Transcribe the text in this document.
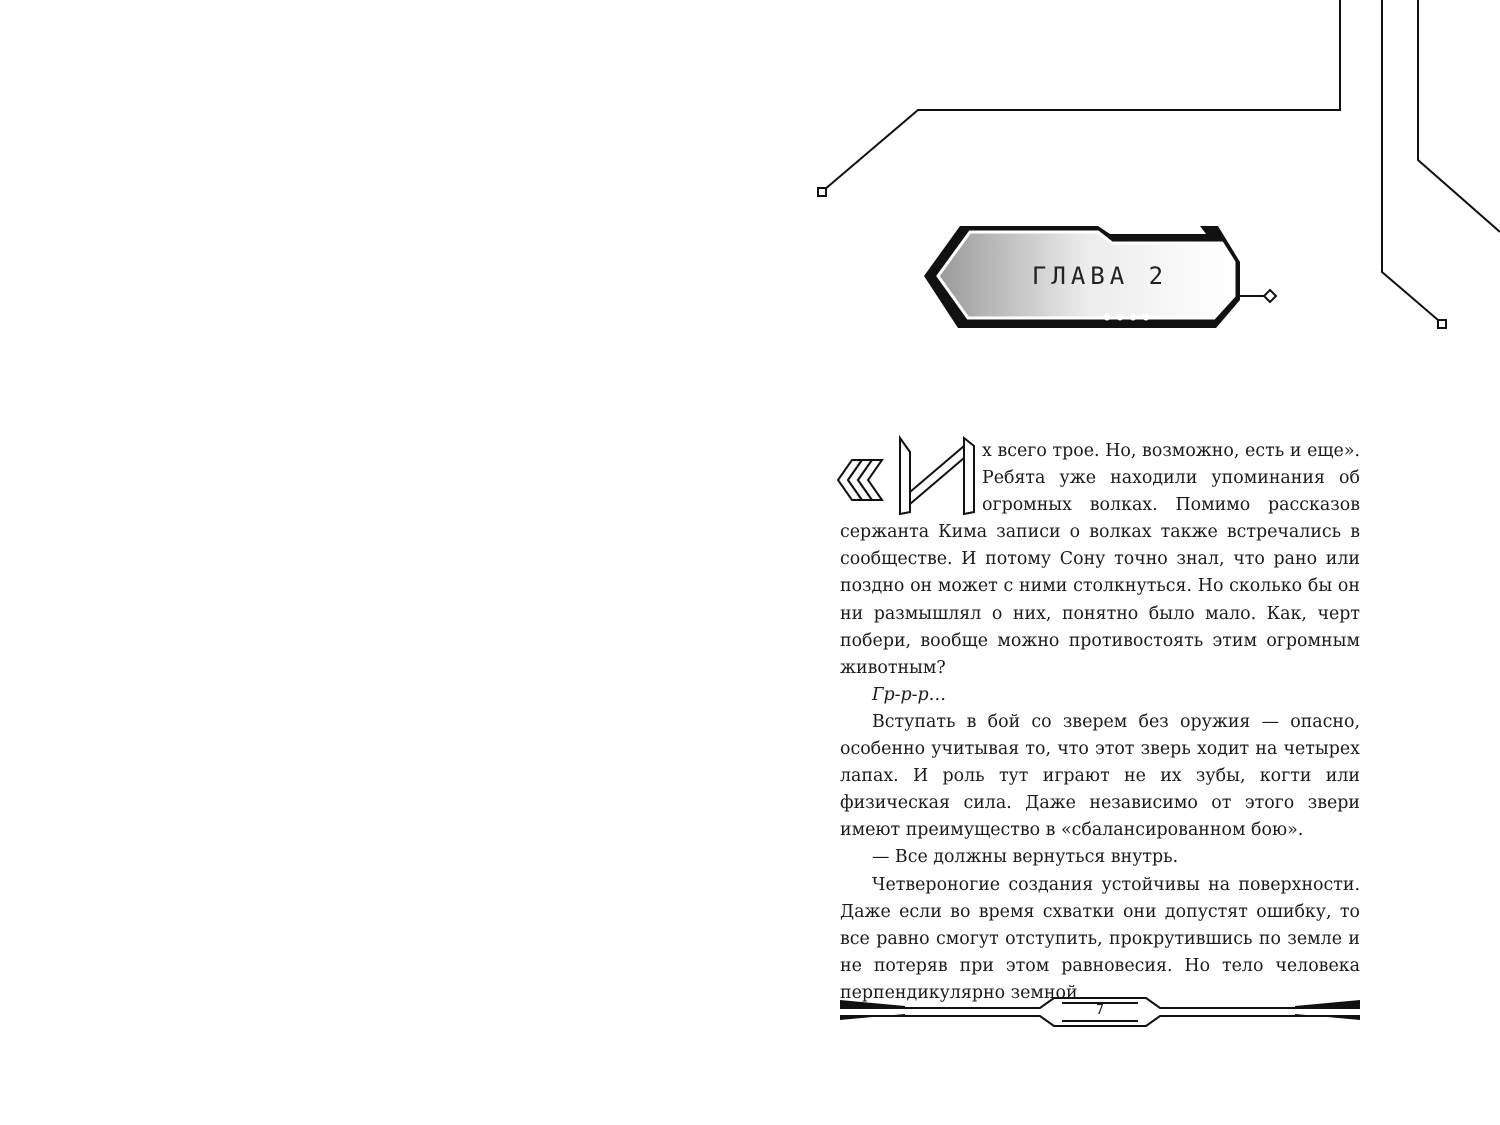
ГЛАВА 2

х всего трое. Но, возможно, есть и еще». Ребята уже находили упоминания об огромных волках. Помимо рассказов сержанта Кима записи о волках также встречались в сообществе. И потому Сону точно знал, что рано или поздно он может с ними столкнуться. Но сколько бы он ни размышлял о них, понятно было мало. Как, черт побери, вообще можно противостоять этим огромным животным?

Гр-р-р…

Вступать в бой со зверем без оружия — опасно, особенно учитывая то, что этот зверь ходит на четырех лапах. И роль тут играют не их зубы, когти или физическая сила. Даже независимо от этого звери имеют преимущество в «сбалансированном бою».

— Все должны вернуться внутрь.

Четвероногие создания устойчивы на поверхности. Даже если во время схватки они допустят ошибку, то все равно смогут отступить, прокрутившись по земле и не потеряв при этом равновесия. Но тело человека перпендикулярно земной

7
